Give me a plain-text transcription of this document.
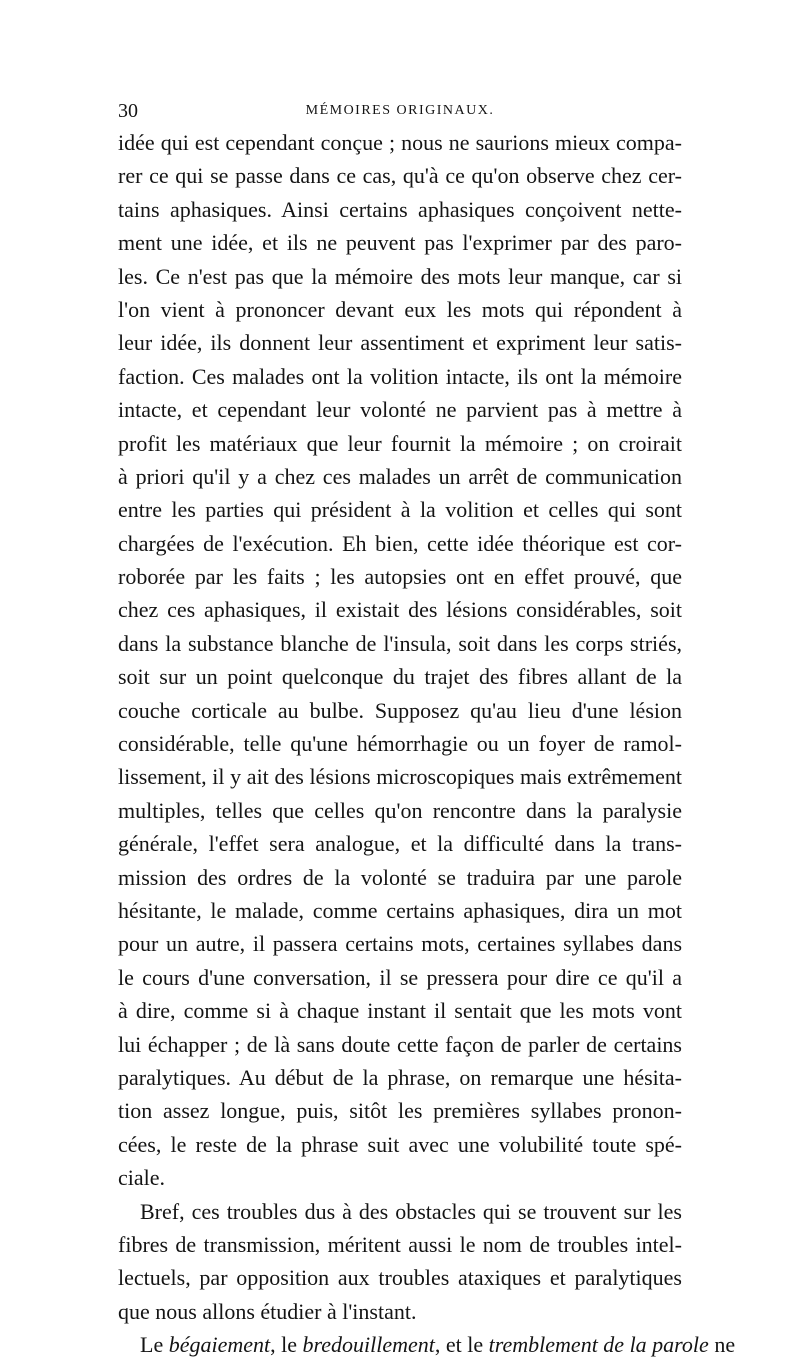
30	MÉMOIRES ORIGINAUX.
idée qui est cependant conçue ; nous ne saurions mieux compa-
rer ce qui se passe dans ce cas, qu'à ce qu'on observe chez cer-
tains aphasiques. Ainsi certains aphasiques conçoivent nette-
ment une idée, et ils ne peuvent pas l'exprimer par des paro-
les. Ce n'est pas que la mémoire des mots leur manque, car si
l'on vient à prononcer devant eux les mots qui répondent à
leur idée, ils donnent leur assentiment et expriment leur satis-
faction. Ces malades ont la volition intacte, ils ont la mémoire
intacte, et cependant leur volonté ne parvient pas à mettre à
profit les matériaux que leur fournit la mémoire ; on croirait
à priori qu'il y a chez ces malades un arrêt de communication
entre les parties qui président à la volition et celles qui sont
chargées de l'exécution. Eh bien, cette idée théorique est cor-
roborée par les faits ; les autopsies ont en effet prouvé, que
chez ces aphasiques, il existait des lésions considérables, soit
dans la substance blanche de l'insula, soit dans les corps striés,
soit sur un point quelconque du trajet des fibres allant de la
couche corticale au bulbe. Supposez qu'au lieu d'une lésion
considérable, telle qu'une hémorrhagie ou un foyer de ramol-
lissement, il y ait des lésions microscopiques mais extrêmement
multiples, telles que celles qu'on rencontre dans la paralysie
générale, l'effet sera analogue, et la difficulté dans la trans-
mission des ordres de la volonté se traduira par une parole
hésitante, le malade, comme certains aphasiques, dira un mot
pour un autre, il passera certains mots, certaines syllabes dans
le cours d'une conversation, il se pressera pour dire ce qu'il a
à dire, comme si à chaque instant il sentait que les mots vont
lui échapper ; de là sans doute cette façon de parler de certains
paralytiques. Au début de la phrase, on remarque une hésita-
tion assez longue, puis, sitôt les premières syllabes pronon-
cées, le reste de la phrase suit avec une volubilité toute spé-
ciale.
Bref, ces troubles dus à des obstacles qui se trouvent sur les
fibres de transmission, méritent aussi le nom de troubles intel-
lectuels, par opposition aux troubles ataxiques et paralytiques
que nous allons étudier à l'instant.
Le bégaiement, le bredouillement, et le tremblement de la parole ne
